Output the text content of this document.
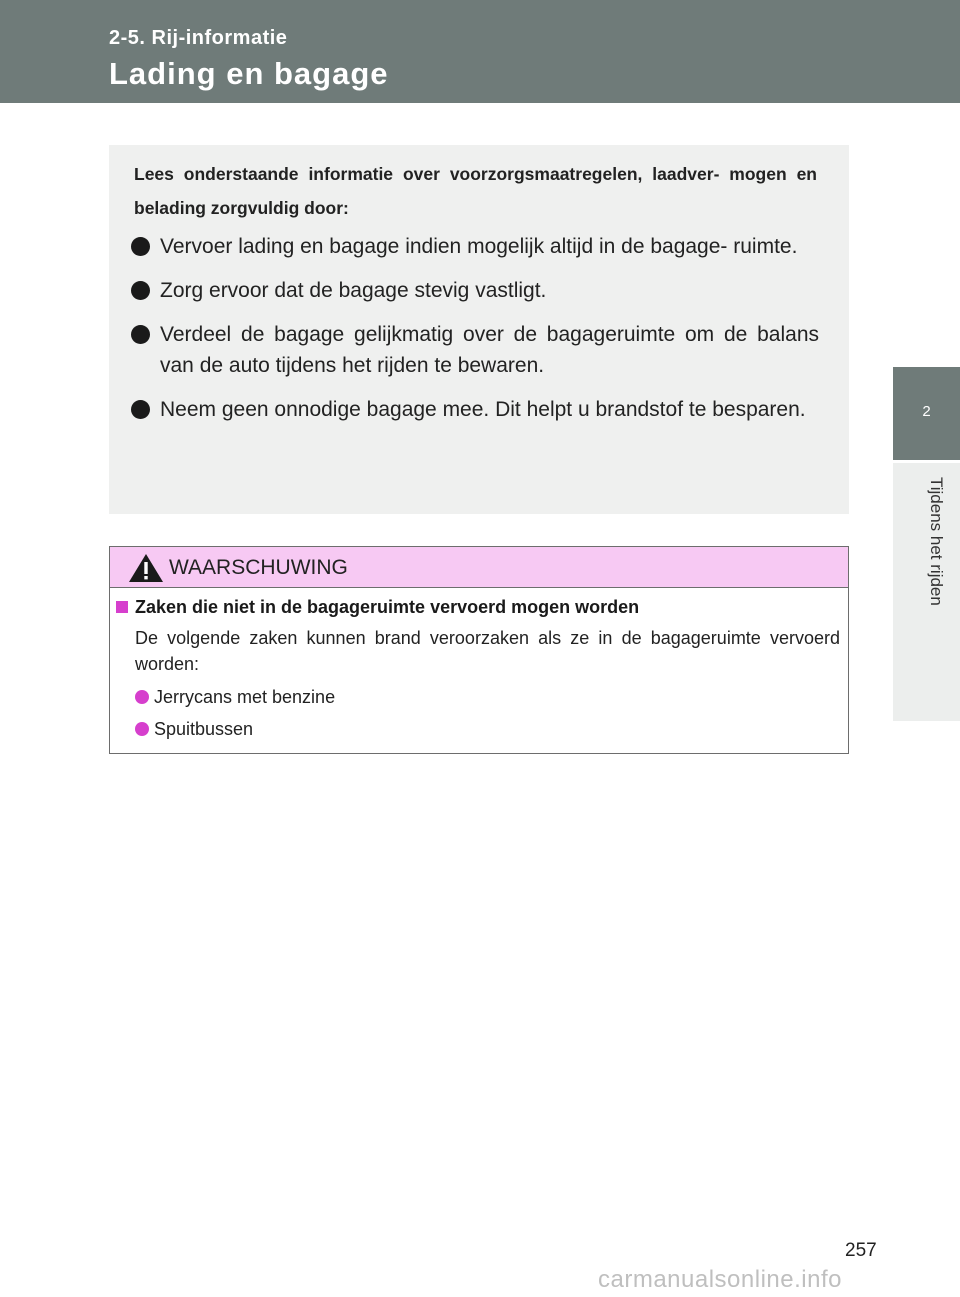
2-5. Rij-informatie
Lading en bagage
2
Tijdens het rijden
Lees onderstaande informatie over voorzorgsmaatregelen, laadver- mogen en belading zorgvuldig door:
Vervoer lading en bagage indien mogelijk altijd in de bagage- ruimte.
Zorg ervoor dat de bagage stevig vastligt.
Verdeel de bagage gelijkmatig over de bagageruimte om de balans van de auto tijdens het rijden te bewaren.
Neem geen onnodige bagage mee. Dit helpt u brandstof te besparen.
WAARSCHUWING
Zaken die niet in de bagageruimte vervoerd mogen worden
De volgende zaken kunnen brand veroorzaken als ze in de bagageruimte vervoerd worden:
Jerrycans met benzine
Spuitbussen
257
carmanualsonline.info
